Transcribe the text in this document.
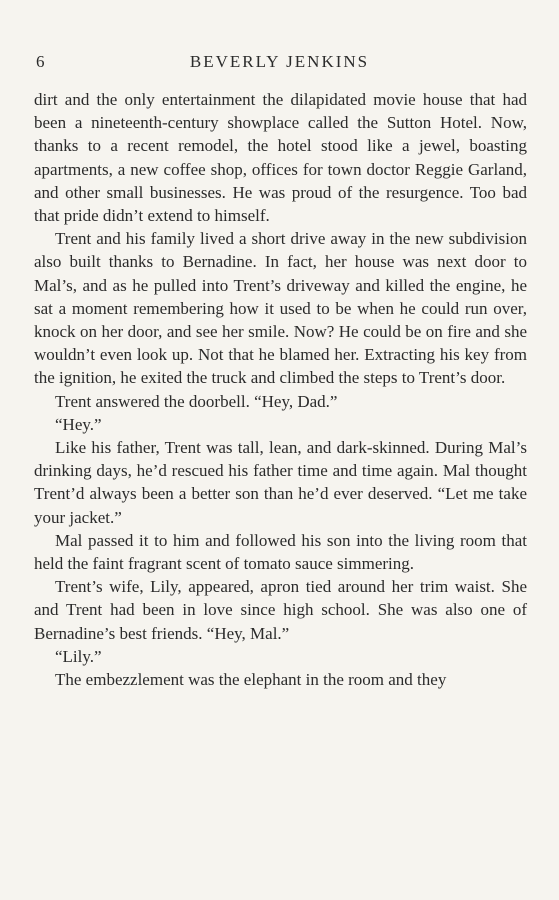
6	BEVERLY JENKINS

dirt and the only entertainment the dilapidated movie house that had been a nineteenth-century showplace called the Sutton Hotel. Now, thanks to a recent remodel, the hotel stood like a jewel, boasting apartments, a new coffee shop, offices for town doctor Reggie Garland, and other small businesses. He was proud of the resurgence. Too bad that pride didn’t extend to himself.

Trent and his family lived a short drive away in the new subdivision also built thanks to Bernadine. In fact, her house was next door to Mal’s, and as he pulled into Trent’s driveway and killed the engine, he sat a moment remembering how it used to be when he could run over, knock on her door, and see her smile. Now? He could be on fire and she wouldn’t even look up. Not that he blamed her. Extracting his key from the ignition, he exited the truck and climbed the steps to Trent’s door.

Trent answered the doorbell. “Hey, Dad.”

“Hey.”

Like his father, Trent was tall, lean, and dark-skinned. During Mal’s drinking days, he’d rescued his father time and time again. Mal thought Trent’d always been a better son than he’d ever deserved. “Let me take your jacket.”

Mal passed it to him and followed his son into the living room that held the faint fragrant scent of tomato sauce simmering.

Trent’s wife, Lily, appeared, apron tied around her trim waist. She and Trent had been in love since high school. She was also one of Bernadine’s best friends. “Hey, Mal.”

“Lily.”

The embezzlement was the elephant in the room and they
